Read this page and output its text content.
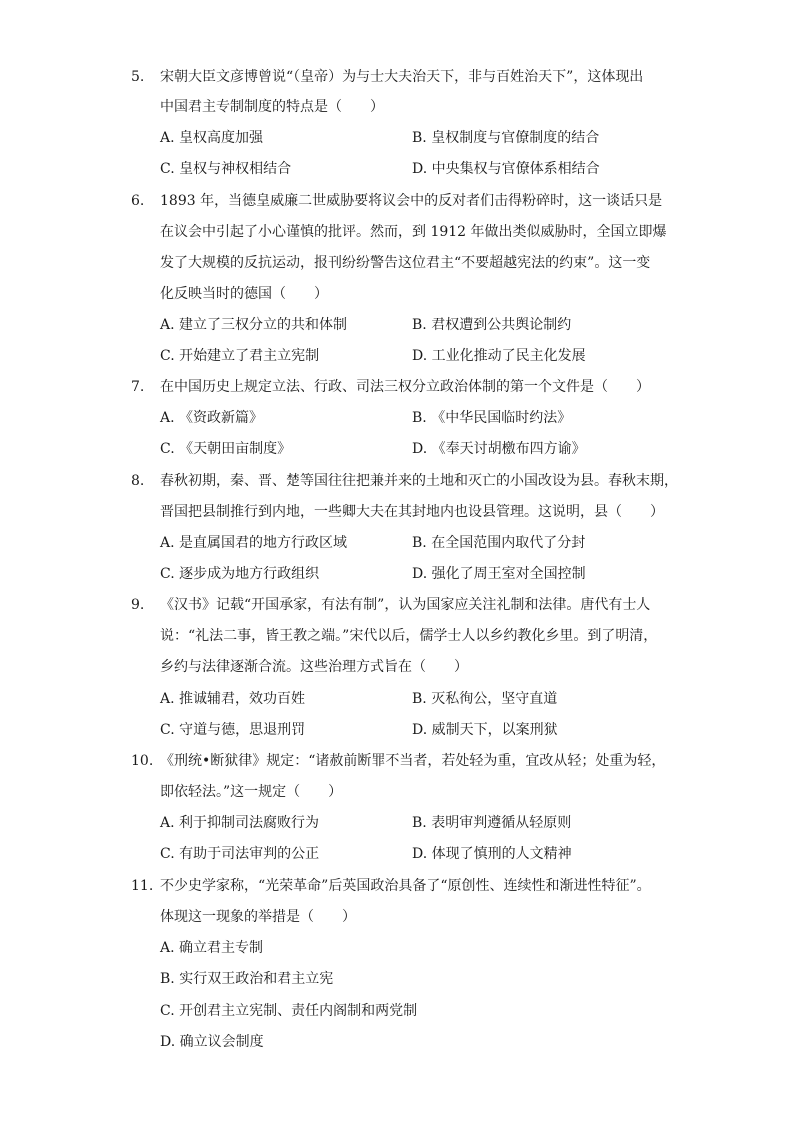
5.	宋朝大臣文彦博曾说“（皇帝）为与士大夫治天下，非与百姓治天下”，这体现出
中国君主专制制度的特点是（　　）
A. 皇权高度加强	B. 皇权制度与官僚制度的结合
C. 皇权与神权相结合	D. 中央集权与官僚体系相结合
6.	1893 年，当德皇威廉二世威胁要将议会中的反对者们击得粉碎时，这一谈话只是
在议会中引起了小心谨慎的批评。然而，到 1912 年做出类似威胁时，全国立即爆
发了大规模的反抗运动，报刊纷纷警告这位君主“不要超越宪法的约束”。这一变
化反映当时的德国（　　）
A. 建立了三权分立的共和体制	B. 君权遭到公共舆论制约
C. 开始建立了君主立宪制	D. 工业化推动了民主化发展
7.	在中国历史上规定立法、行政、司法三权分立政治体制的第一个文件是（　　）
A. 《资政新篇》	B. 《中华民国临时约法》
C. 《天朝田亩制度》	D. 《奉天讨胡檄布四方谕》
8.	春秋初期，秦、晋、楚等国往往把兼并来的土地和灭亡的小国改设为县。春秋末期，
晋国把县制推行到内地，一些卿大夫在其封地内也设县管理。这说明，县（　　）
A. 是直属国君的地方行政区域	B. 在全国范围内取代了分封
C. 逐步成为地方行政组织	D. 强化了周王室对全国控制
9.	《汉书》记载“开国承家，有法有制”，认为国家应关注礼制和法律。唐代有士人
说：“礼法二事，皆王教之端。”宋代以后，儒学士人以乡约教化乡里。到了明清，
乡约与法律逐渐合流。这些治理方式旨在（　　）
A. 推诚辅君，效功百姓	B. 灭私徇公，坚守直道
C. 守道与德，思退刑罚	D. 威制天下，以案刑狱
10. 《刑统•断狱律》规定：“诸赦前断罪不当者，若处轻为重，宜改从轻；处重为轻，
即依轻法。”这一规定（　　）
A. 利于抑制司法腐败行为	B. 表明审判遵循从轻原则
C. 有助于司法审判的公正	D. 体现了慎刑的人文精神
11. 不少史学家称，“光荣革命”后英国政治具备了“原创性、连续性和渐进性特征”。
体现这一现象的举措是（　　）
A. 确立君主专制
B. 实行双王政治和君主立宪
C. 开创君主立宪制、责任内阁制和两党制
D. 确立议会制度
